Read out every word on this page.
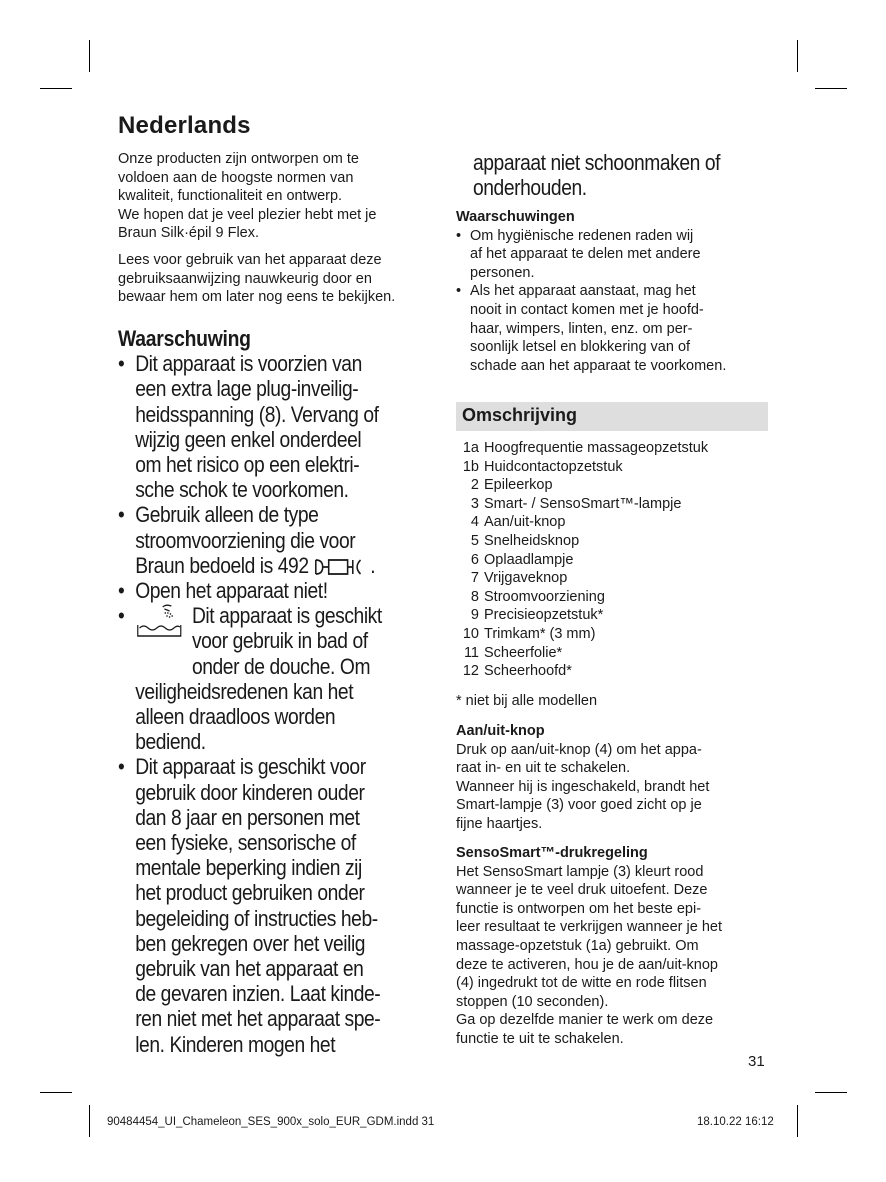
Nederlands
Onze producten zijn ontworpen om te
voldoen aan de hoogste normen van
kwaliteit, functionaliteit en ontwerp.
We hopen dat je veel plezier hebt met je
Braun Silk·épil 9 Flex.
Lees voor gebruik van het apparaat deze
gebruiksaanwijzing nauwkeurig door en
bewaar hem om later nog eens te bekijken.
Waarschuwing
• Dit apparaat is voorzien van
een extra lage plug-inveilig-
heidsspanning (8). Vervang of
wijzig geen enkel onderdeel
om het risico op een elektri-
sche schok te voorkomen.
• Gebruik alleen de type
stroomvoorziening die voor
Braun bedoeld is 492	.
• Open het apparaat niet!
•	Dit apparaat is geschikt
voor gebruik in bad of
onder de douche. Om
veiligheidsredenen kan het
alleen draadloos worden
bediend.
• Dit apparaat is geschikt voor
gebruik door kinderen ouder
dan 8 jaar en personen met
een fysieke, sensorische of
mentale beperking indien zij
het product gebruiken onder
begeleiding of instructies heb-
ben gekregen over het veilig
gebruik van het apparaat en
de gevaren inzien. Laat kinde-
ren niet met het apparaat spe-
len. Kinderen mogen het
apparaat niet schoonmaken of
onderhouden.
Waarschuwingen
• Om hygiënische redenen raden wij
af het apparaat te delen met andere
personen.
• Als het apparaat aanstaat, mag het
nooit in contact komen met je hoofd-
haar, wimpers, linten, enz. om per-
soonlijk letsel en blokkering van of
schade aan het apparaat te voorkomen.
Omschrijving
1a Hoogfrequentie massageopzetstuk
1b Huidcontactopzetstuk
2 Epileerkop
3 Smart- / SensoSmart™-lampje
4 Aan/uit-knop
5 Snelheidsknop
6 Oplaadlampje
7 Vrijgaveknop
8 Stroomvoorziening
9 Precisieopzetstuk*
10 Trimkam* (3 mm)
11 Scheerfolie*
12 Scheerhoofd*
* niet bij alle modellen
Aan/uit-knop
Druk op aan/uit-knop (4) om het appa-
raat in- en uit te schakelen.
Wanneer hij is ingeschakeld, brandt het
Smart-lampje (3) voor goed zicht op je
fijne haartjes.
SensoSmart™-drukregeling
Het SensoSmart lampje (3) kleurt rood
wanneer je te veel druk uitoefent. Deze
functie is ontworpen om het beste epi-
leer resultaat te verkrijgen wanneer je het
massage-opzetstuk (1a) gebruikt. Om
deze te activeren, hou je de aan/uit-knop
(4) ingedrukt tot de witte en rode flitsen
stoppen (10 seconden).
Ga op dezelfde manier te werk om deze
functie te uit te schakelen.
31
90484454_UI_Chameleon_SES_900x_solo_EUR_GDM.indd 31	18.10.22 16:12
